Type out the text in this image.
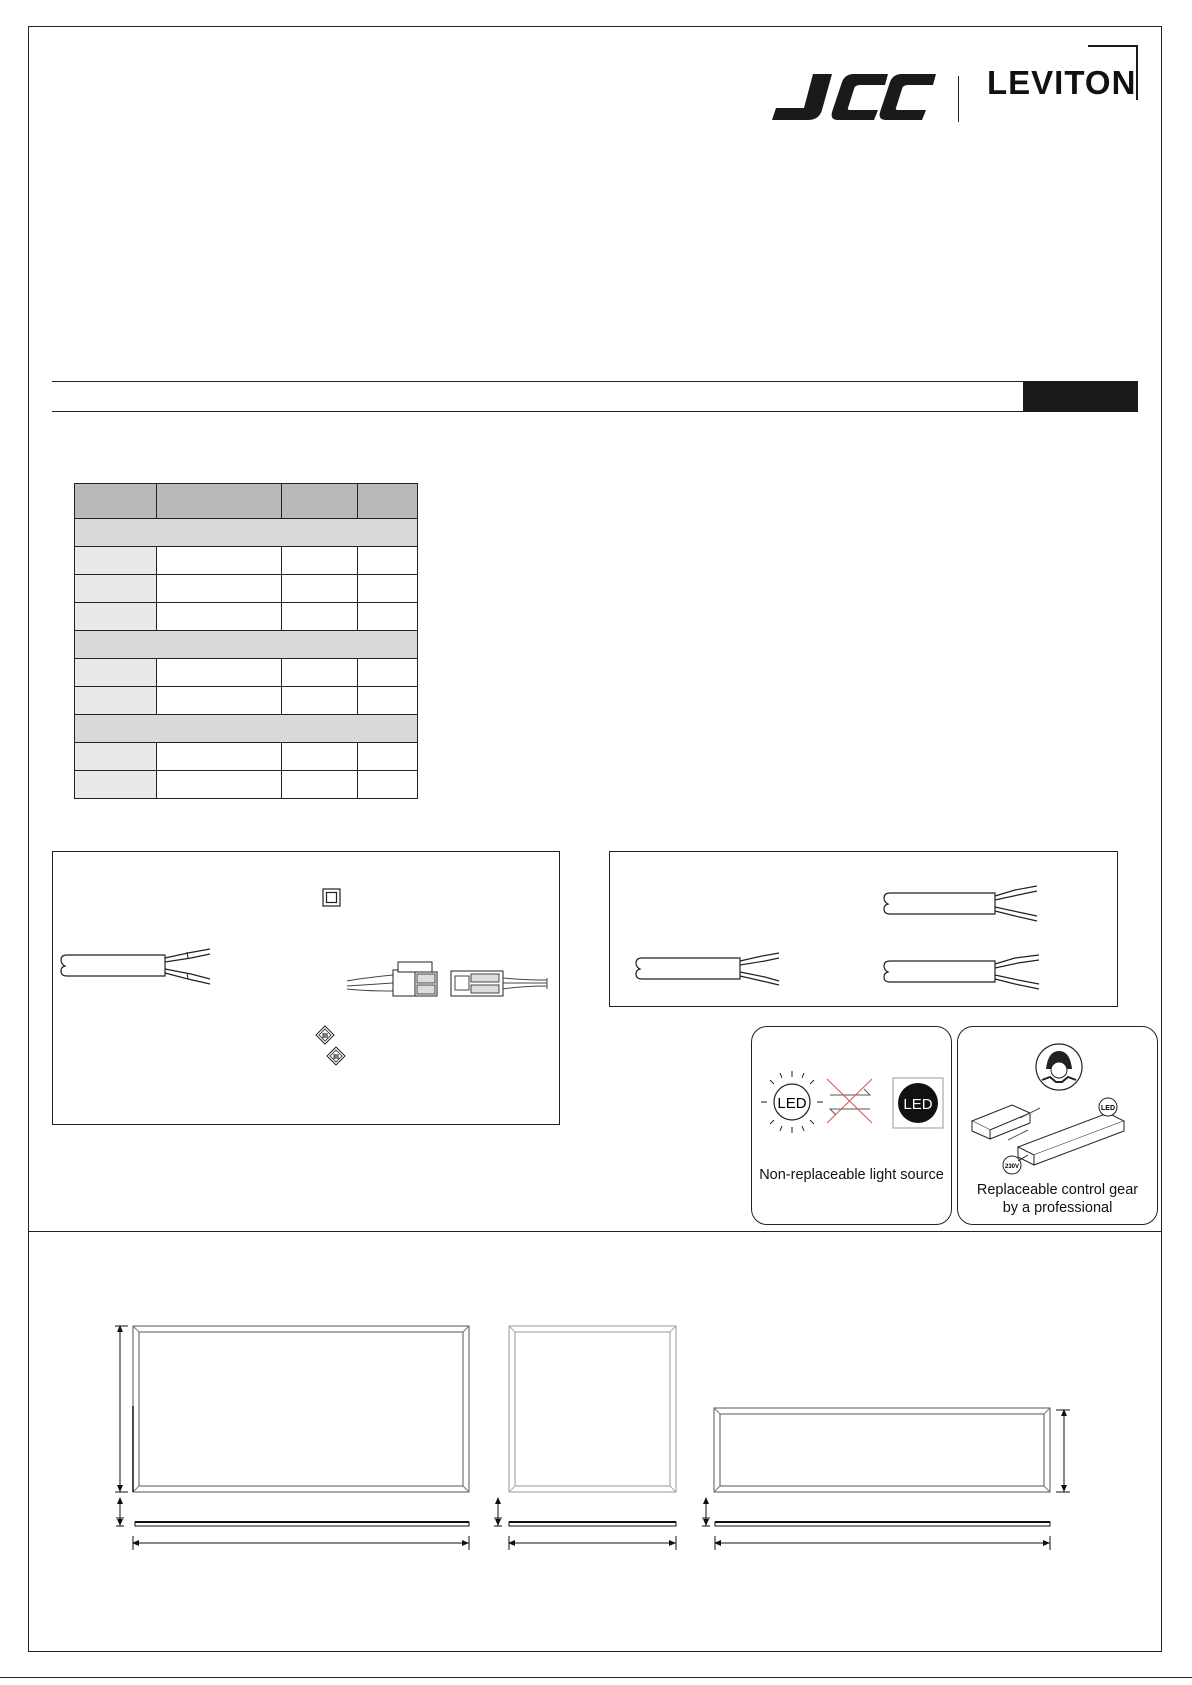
LEVITON

III
III
LED	LED
Non-replaceable light source
LED
230V
Replaceable control gear
by a professional
